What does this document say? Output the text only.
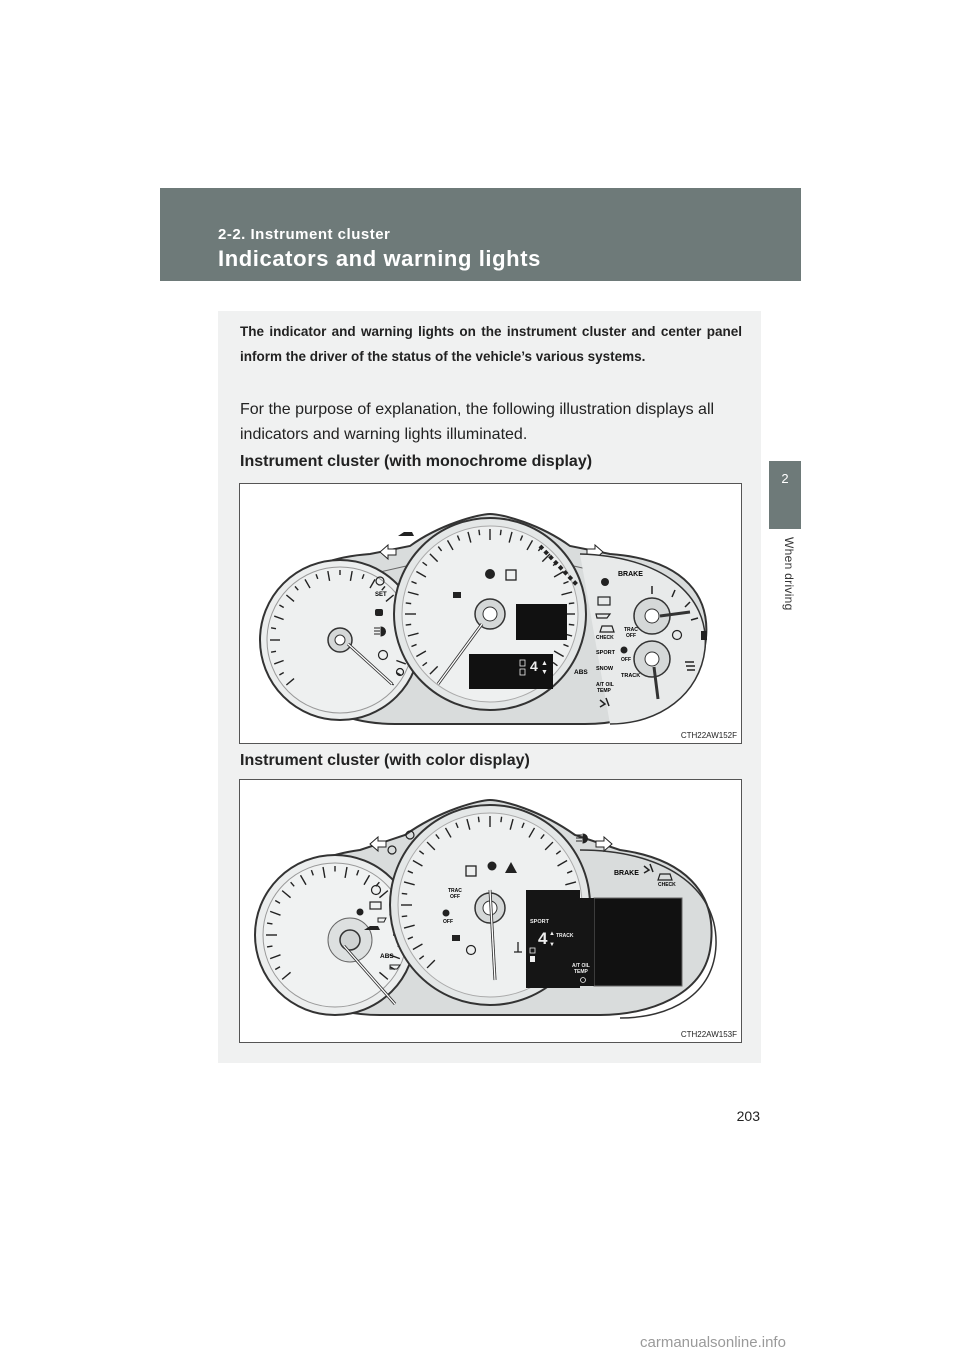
2-2. Instrument cluster
Indicators and warning lights
2
When driving
The indicator and warning lights on the instrument cluster and center panel inform the driver of the status of the vehicle’s various systems.
For the purpose of explanation, the following illustration displays all indicators and warning lights illuminated.
Instrument cluster (with monochrome display)
SET
4 ▲
▼
BRAKE
CHECK
TRAC
OFF
SPORT
OFF
SNOW
ABS	TRACK
A/T OIL
TEMP
CTH22AW152F
Instrument cluster (with color display)
ABS
TRAC
OFF
OFF	SPORT
4 ▲
▼
TRACK
A/T OIL
TEMP
BRAKE
CHECK
CTH22AW153F
203
carmanualsonline.info
